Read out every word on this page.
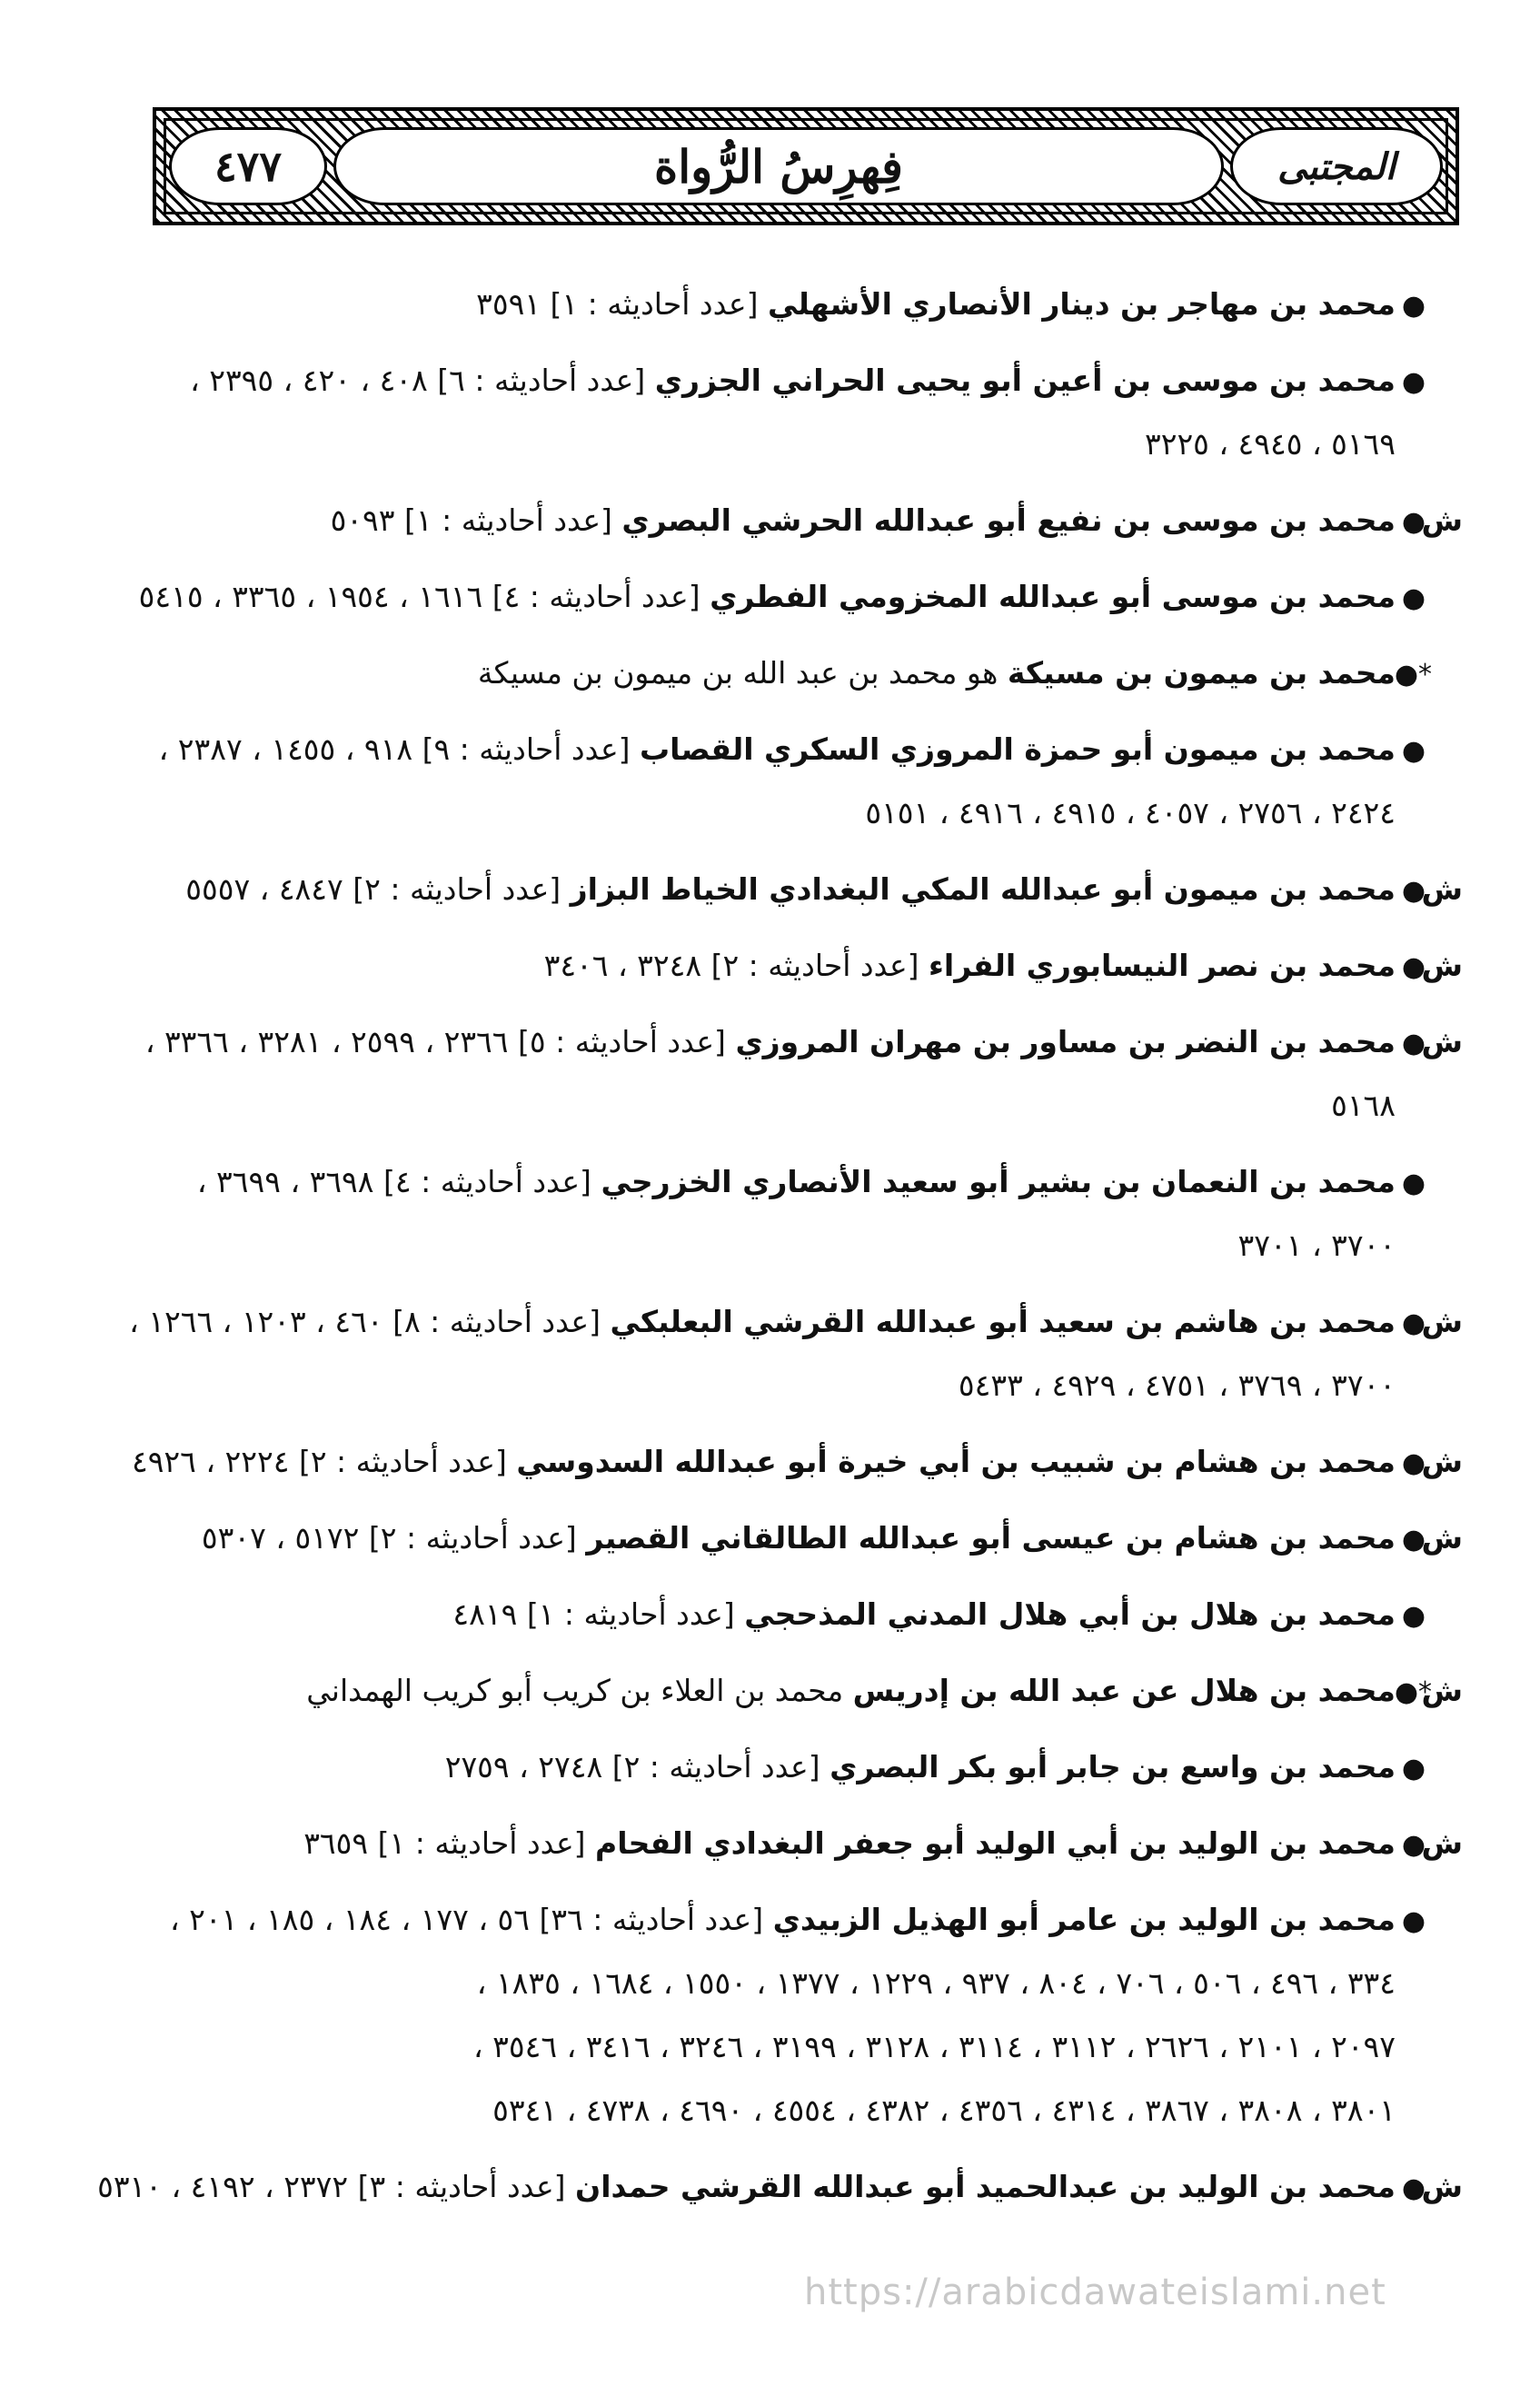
٤٧٧	فِهرِسُ الرُّواة	المجتبى
●محمد بن مهاجر بن دينار الأنصاري الأشهلي [عدد أحاديثه : ١] ٣٥٩١
●محمد بن موسى بن أعين أبو يحيى الحراني الجزري [عدد أحاديثه : ٦] ٤٠٨ ، ٤٢٠ ، ٢٣٩٥ ،
٥١٦٩ ، ٤٩٤٥ ، ٣٢٢٥
ش●محمد بن موسى بن نفيع أبو عبدالله الحرشي البصري [عدد أحاديثه : ١] ٥٠٩٣
●محمد بن موسى أبو عبدالله المخزومي الفطري [عدد أحاديثه : ٤] ١٦١٦ ، ١٩٥٤ ، ٣٣٦٥ ، ٥٤١٥
*●محمد بن ميمون بن مسيكة هو محمد بن عبد الله بن ميمون بن مسيكة
●محمد بن ميمون أبو حمزة المروزي السكري القصاب [عدد أحاديثه : ٩] ٩١٨ ، ١٤٥٥ ، ٢٣٨٧ ،
٢٤٢٤ ، ٢٧٥٦ ، ٤٠٥٧ ، ٤٩١٥ ، ٤٩١٦ ، ٥١٥١
ش●محمد بن ميمون أبو عبدالله المكي البغدادي الخياط البزاز [عدد أحاديثه : ٢] ٤٨٤٧ ، ٥٥٥٧
ش●محمد بن نصر النيسابوري الفراء [عدد أحاديثه : ٢] ٣٢٤٨ ، ٣٤٠٦
ش●محمد بن النضر بن مساور بن مهران المروزي [عدد أحاديثه : ٥] ٢٣٦٦ ، ٢٥٩٩ ، ٣٢٨١ ، ٣٣٦٦ ،
٥١٦٨
●محمد بن النعمان بن بشير أبو سعيد الأنصاري الخزرجي [عدد أحاديثه : ٤] ٣٦٩٨ ، ٣٦٩٩ ،
٣٧٠٠ ، ٣٧٠١
ش●محمد بن هاشم بن سعيد أبو عبدالله القرشي البعلبكي [عدد أحاديثه : ٨] ٤٦٠ ، ١٢٠٣ ، ١٢٦٦ ،
٣٧٠٠ ، ٣٧٦٩ ، ٤٧٥١ ، ٤٩٢٩ ، ٥٤٣٣
ش●محمد بن هشام بن شبيب بن أبي خيرة أبو عبدالله السدوسي [عدد أحاديثه : ٢] ٢٢٢٤ ، ٤٩٢٦
ش●محمد بن هشام بن عيسى أبو عبدالله الطالقاني القصير [عدد أحاديثه : ٢] ٥١٧٢ ، ٥٣٠٧
●محمد بن هلال بن أبي هلال المدني المذحجي [عدد أحاديثه : ١] ٤٨١٩
ش*●محمد بن هلال عن عبد الله بن إدريس محمد بن العلاء بن كريب أبو كريب الهمداني
●محمد بن واسع بن جابر أبو بكر البصري [عدد أحاديثه : ٢] ٢٧٤٨ ، ٢٧٥٩
ش●محمد بن الوليد بن أبي الوليد أبو جعفر البغدادي الفحام [عدد أحاديثه : ١] ٣٦٥٩
●محمد بن الوليد بن عامر أبو الهذيل الزبيدي [عدد أحاديثه : ٣٦] ٥٦ ، ١٧٧ ، ١٨٤ ، ١٨٥ ، ٢٠١ ،
٣٣٤ ، ٤٩٦ ، ٥٠٦ ، ٧٠٦ ، ٨٠٤ ، ٩٣٧ ، ١٢٢٩ ، ١٣٧٧ ، ١٥٥٠ ، ١٦٨٤ ، ١٨٣٥ ،
٢٠٩٧ ، ٢١٠١ ، ٢٦٢٦ ، ٣١١٢ ، ٣١١٤ ، ٣١٢٨ ، ٣١٩٩ ، ٣٢٤٦ ، ٣٤١٦ ، ٣٥٤٦ ،
٣٨٠١ ، ٣٨٠٨ ، ٣٨٦٧ ، ٤٣١٤ ، ٤٣٥٦ ، ٤٣٨٢ ، ٤٥٥٤ ، ٤٦٩٠ ، ٤٧٣٨ ، ٥٣٤١
ش●محمد بن الوليد بن عبدالحميد أبو عبدالله القرشي حمدان [عدد أحاديثه : ٣] ٢٣٧٢ ، ٤١٩٢ ، ٥٣١٠
https://arabicdawateislami.net
